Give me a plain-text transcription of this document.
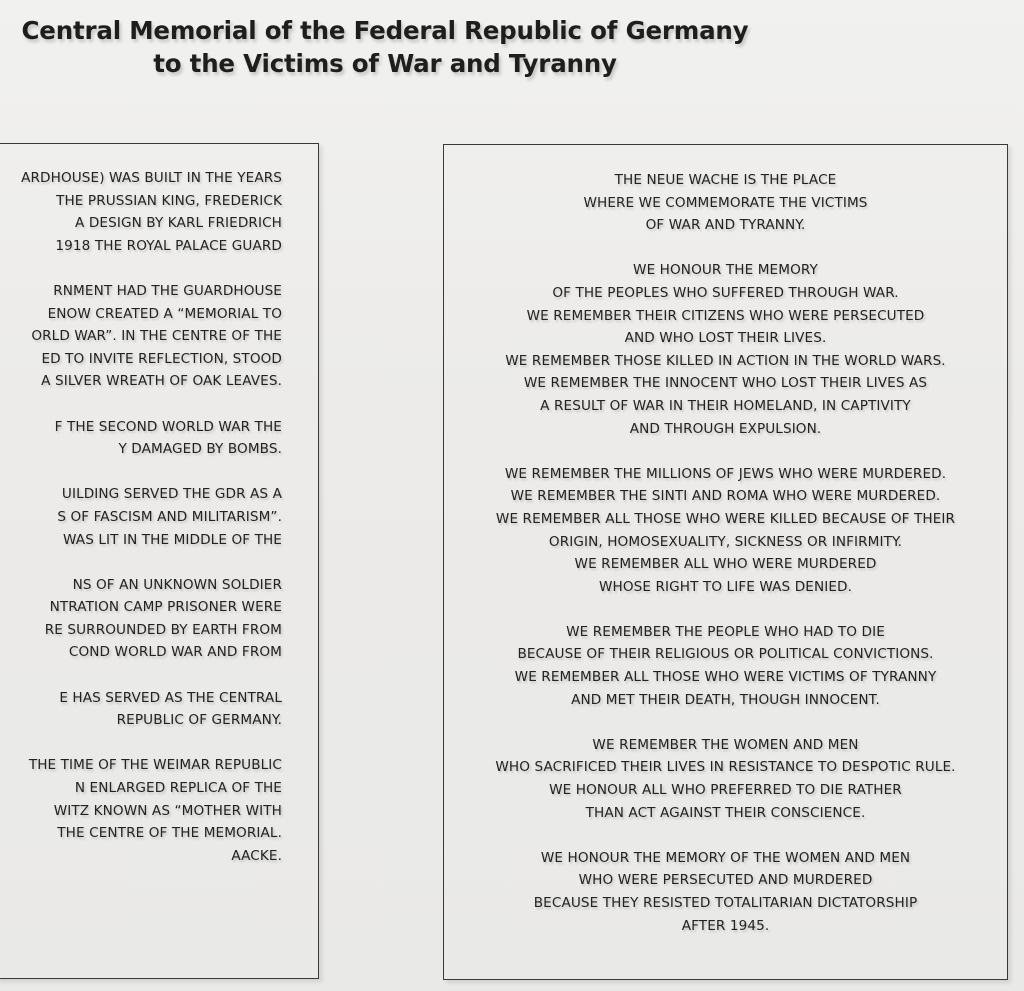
Central Memorial of the Federal Republic of Germany
to the Victims of War and Tyranny
ARDHOUSE) WAS BUILT IN THE YEARS
THE PRUSSIAN KING, FREDERICK
A DESIGN BY KARL FRIEDRICH
1918 THE ROYAL PALACE GUARD
RNMENT HAD THE GUARDHOUSE
ENOW CREATED A “MEMORIAL TO
ORLD WAR”. IN THE CENTRE OF THE
ED TO INVITE REFLECTION, STOOD
A SILVER WREATH OF OAK LEAVES.
F THE SECOND WORLD WAR THE
Y DAMAGED BY BOMBS.
UILDING SERVED THE GDR AS A
S OF FASCISM AND MILITARISM”.
WAS LIT IN THE MIDDLE OF THE
NS OF AN UNKNOWN SOLDIER
NTRATION CAMP PRISONER WERE
RE SURROUNDED BY EARTH FROM
COND WORLD WAR AND FROM
E HAS SERVED AS THE CENTRAL
REPUBLIC OF GERMANY.
THE TIME OF THE WEIMAR REPUBLIC
N ENLARGED REPLICA OF THE
WITZ KNOWN AS “MOTHER WITH
THE CENTRE OF THE MEMORIAL.
AACKE.
THE NEUE WACHE IS THE PLACE
WHERE WE COMMEMORATE THE VICTIMS
OF WAR AND TYRANNY.
WE HONOUR THE MEMORY
OF THE PEOPLES WHO SUFFERED THROUGH WAR.
WE REMEMBER THEIR CITIZENS WHO WERE PERSECUTED
AND WHO LOST THEIR LIVES.
WE REMEMBER THOSE KILLED IN ACTION IN THE WORLD WARS.
WE REMEMBER THE INNOCENT WHO LOST THEIR LIVES AS
A RESULT OF WAR IN THEIR HOMELAND, IN CAPTIVITY
AND THROUGH EXPULSION.
WE REMEMBER THE MILLIONS OF JEWS WHO WERE MURDERED.
WE REMEMBER THE SINTI AND ROMA WHO WERE MURDERED.
WE REMEMBER ALL THOSE WHO WERE KILLED BECAUSE OF THEIR
ORIGIN, HOMOSEXUALITY, SICKNESS OR INFIRMITY.
WE REMEMBER ALL WHO WERE MURDERED
WHOSE RIGHT TO LIFE WAS DENIED.
WE REMEMBER THE PEOPLE WHO HAD TO DIE
BECAUSE OF THEIR RELIGIOUS OR POLITICAL CONVICTIONS.
WE REMEMBER ALL THOSE WHO WERE VICTIMS OF TYRANNY
AND MET THEIR DEATH, THOUGH INNOCENT.
WE REMEMBER THE WOMEN AND MEN
WHO SACRIFICED THEIR LIVES IN RESISTANCE TO DESPOTIC RULE.
WE HONOUR ALL WHO PREFERRED TO DIE RATHER
THAN ACT AGAINST THEIR CONSCIENCE.
WE HONOUR THE MEMORY OF THE WOMEN AND MEN
WHO WERE PERSECUTED AND MURDERED
BECAUSE THEY RESISTED TOTALITARIAN DICTATORSHIP
AFTER 1945.
